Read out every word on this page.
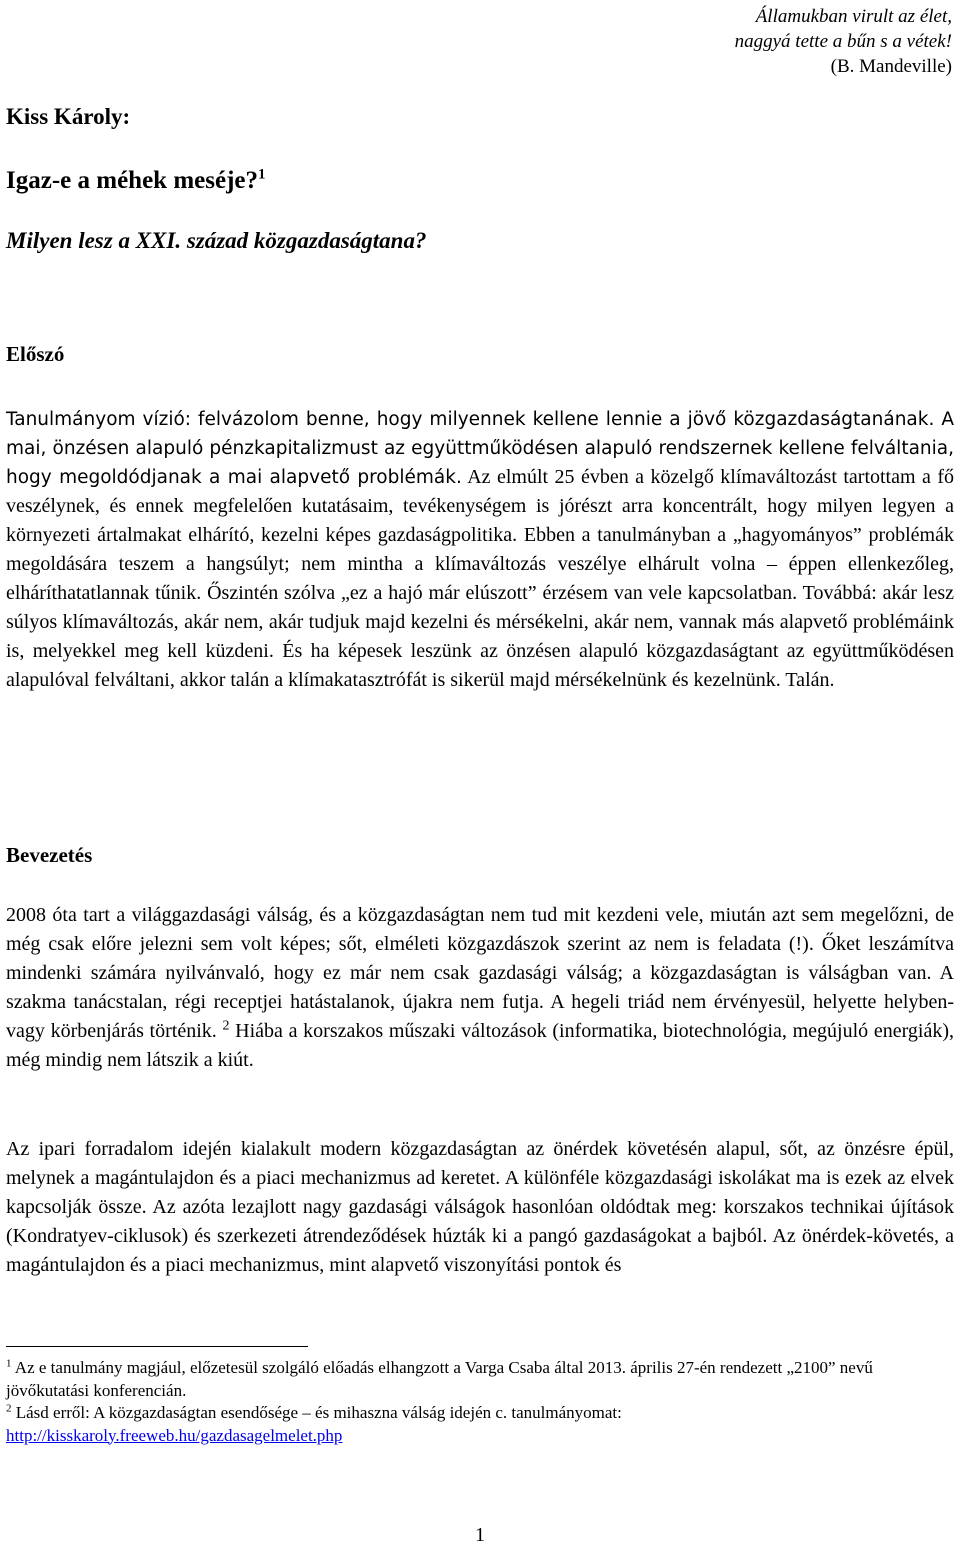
Államukban virult az élet,
naggyá tette a bűn s a vétek!
(B. Mandeville)
Kiss Károly:
Igaz-e a méhek meséje?$^1$
Milyen lesz a XXI. század közgazdaságtana?
Előszó

Tanulmányom vízió: felvázolom benne, hogy milyennek kellene lennie a jövő közgazdaságtanának. A mai, önzésen alapuló pénzkapitalizmust az együttműködésen alapuló rendszernek kellene felváltania, hogy megoldódjanak a mai alapvető problémák. Az elmúlt 25 évben a közelgő klímaváltozást tartottam a fő veszélynek, és ennek megfelelően kutatásaim, tevékenységem is jórészt arra koncentrált, hogy milyen legyen a környezeti ártalmakat elhárító, kezelni képes gazdaságpolitika. Ebben a tanulmányban a „hagyományos” problémák megoldására teszem a hangsúlyt; nem mintha a klímaváltozás veszélye elhárult volna – éppen ellenkezőleg, elháríthatatlannak tűnik. Őszintén szólva „ez a hajó már elúszott” érzésem van vele kapcsolatban. Továbbá: akár lesz súlyos klímaváltozás, akár nem, akár tudjuk majd kezelni és mérsékelni, akár nem, vannak más alapvető problémáink is, melyekkel meg kell küzdeni. És ha képesek leszünk az önzésen alapuló közgazdaságtant az együttműködésen alapulóval felváltani, akkor talán a klímakatasztrófát is sikerül majd mérsékelnünk és kezelnünk. Talán.

Bevezetés

2008 óta tart a világgazdasági válság, és a közgazdaságtan nem tud mit kezdeni vele, miután azt sem megelőzni, de még csak előre jelezni sem volt képes; sőt, elméleti közgazdászok szerint az nem is feladata (!). Őket leszámítva mindenki számára nyilvánvaló, hogy ez már nem csak gazdasági válság; a közgazdaságtan is válságban van. A szakma tanácstalan, régi receptjei hatástalanok, újakra nem futja. A hegeli triád nem érvényesül, helyette helyben-vagy körbenjárás történik. $^2$ Hiába a korszakos műszaki változások (informatika, biotechnológia, megújuló energiák), még mindig nem látszik a kiút.

Az ipari forradalom idején kialakult modern közgazdaságtan az önérdek követésén alapul, sőt, az önzésre épül, melynek a magántulajdon és a piaci mechanizmus ad keretet. A különféle közgazdasági iskolákat ma is ezek az elvek kapcsolják össze. Az azóta lezajlott nagy gazdasági válságok hasonlóan oldódtak meg: korszakos technikai újítások (Kondratyev-ciklusok) és szerkezeti átrendeződések húzták ki a pangó gazdaságokat a bajból. Az önérdek-követés, a magántulajdon és a piaci mechanizmus, mint alapvető viszonyítási pontok és

$^1$ Az e tanulmány magjául, előzetesül szolgáló előadás elhangzott a Varga Csaba által 2013. április 27-én rendezett „2100” nevű jövőkutatási konferencián.
$^2$ Lásd erről: A közgazdaságtan esendősége – és mihaszna válság idején c. tanulmányomat:
http://kisskaroly.freeweb.hu/gazdasagelmelet.php
1
